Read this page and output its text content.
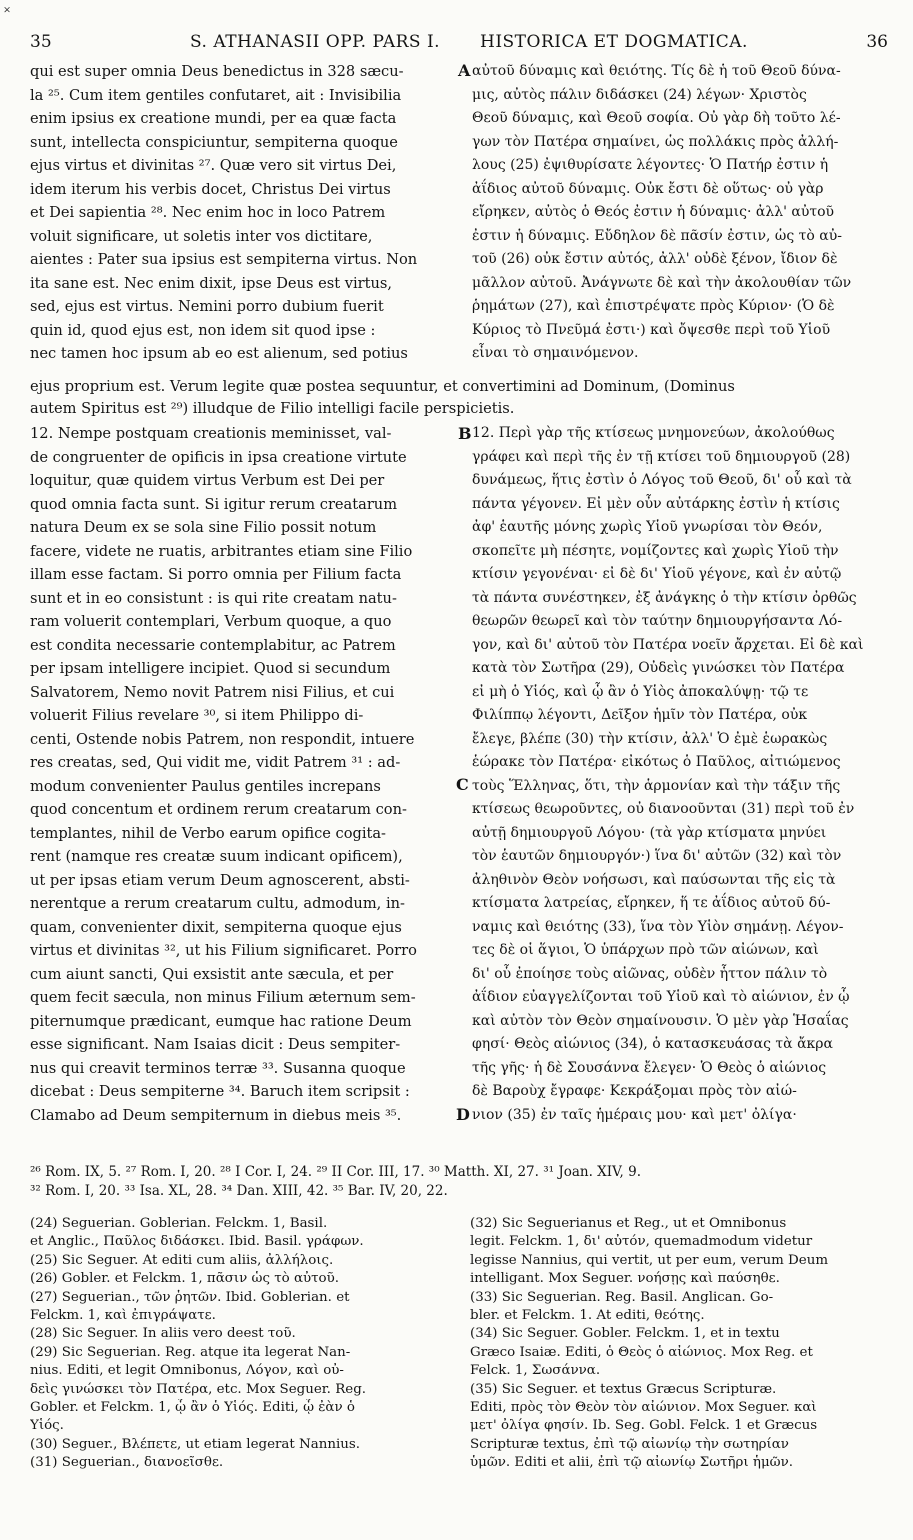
˟
35	S. ATHANASII OPP. PARS I. HISTORICA ET DOGMATICA.	36
qui est super omnia Deus benedictus in 328 sæcu-
la ²⁵. Cum item gentiles confutaret, ait : Invisibilia
enim ipsius ex creatione mundi, per ea quæ facta
sunt, intellecta conspiciuntur, sempiterna quoque
ejus virtus et divinitas ²⁷. Quæ vero sit virtus Dei,
idem iterum his verbis docet, Christus Dei virtus
et Dei sapientia ²⁸. Nec enim hoc in loco Patrem
voluit significare, ut soletis inter vos dictitare,
aientes : Pater sua ipsius est sempiterna virtus. Non
ita sane est. Nec enim dixit, ipse Deus est virtus,
sed, ejus est virtus. Nemini porro dubium fuerit
quin id, quod ejus est, non idem sit quod ipse :
nec tamen hoc ipsum ab eo est alienum, sed potius
αὐτοῦ δύναμις καὶ θειότης. Τίς δὲ ἡ τοῦ Θεοῦ δύνα-
μις, αὐτὸς πάλιν διδάσκει (24) λέγων· Χριστὸς
Θεοῦ δύναμις, καὶ Θεοῦ σοφία. Οὐ γὰρ δὴ τοῦτο λέ-
γων τὸν Πατέρα σημαίνει, ὡς πολλάκις πρὸς ἀλλή-
λους (25) ἐψιθυρίσατε λέγοντες· Ὁ Πατήρ ἐστιν ἡ
ἀΐδιος αὐτοῦ δύναμις. Οὐκ ἔστι δὲ οὕτως· οὐ γὰρ
εἴρηκεν, αὐτὸς ὁ Θεός ἐστιν ἡ δύναμις· ἀλλ' αὐτοῦ
ἐστιν ἡ δύναμις. Εὔδηλον δὲ πᾶσίν ἐστιν, ὡς τὸ αὐ-
τοῦ (26) οὐκ ἔστιν αὐτός, ἀλλ' οὐδὲ ξένον, ἴδιον δὲ
μᾶλλον αὐτοῦ. Ἀνάγνωτε δὲ καὶ τὴν ἀκολουθίαν τῶν
ῥημάτων (27), καὶ ἐπιστρέψατε πρὸς Κύριον· (Ὁ δὲ
Κύριος τὸ Πνεῦμά ἐστι·) καὶ ὄψεσθε περὶ τοῦ Υἱοῦ
εἶναι τὸ σημαινόμενον.
A
ejus proprium est. Verum legite quæ postea sequuntur, et convertimini ad Dominum, (Dominus
autem Spiritus est ²⁹) illudque de Filio intelligi facile perspicietis.
12. Nempe postquam creationis meminisset, val-
de congruenter de opificis in ipsa creatione virtute
loquitur, quæ quidem virtus Verbum est Dei per
quod omnia facta sunt. Si igitur rerum creatarum
natura Deum ex se sola sine Filio possit notum
facere, videte ne ruatis, arbitrantes etiam sine Filio
illam esse factam. Si porro omnia per Filium facta
sunt et in eo consistunt : is qui rite creatam natu-
ram voluerit contemplari, Verbum quoque, a quo
est condita necessarie contemplabitur, ac Patrem
per ipsam intelligere incipiet. Quod si secundum
Salvatorem, Nemo novit Patrem nisi Filius, et cui
voluerit Filius revelare ³⁰, si item Philippo di-
centi, Ostende nobis Patrem, non respondit, intuere
res creatas, sed, Qui vidit me, vidit Patrem ³¹ : ad-
modum convenienter Paulus gentiles increpans
quod concentum et ordinem rerum creatarum con-
templantes, nihil de Verbo earum opifice cogita-
rent (namque res creatæ suum indicant opificem),
ut per ipsas etiam verum Deum agnoscerent, absti-
nerentque a rerum creatarum cultu, admodum, in-
quam, convenienter dixit, sempiterna quoque ejus
virtus et divinitas ³², ut his Filium significaret. Porro
cum aiunt sancti, Qui exsistit ante sæcula, et per
quem fecit sæcula, non minus Filium æternum sem-
piternumque prædicant, eumque hac ratione Deum
esse significant. Nam Isaias dicit : Deus sempiter-
nus qui creavit terminos terræ ³³. Susanna quoque
dicebat : Deus sempiterne ³⁴. Baruch item scripsit :
Clamabo ad Deum sempiternum in diebus meis ³⁵.
12. Περὶ γὰρ τῆς κτίσεως μνημονεύων, ἀκολούθως
γράφει καὶ περὶ τῆς ἐν τῇ κτίσει τοῦ δημιουργοῦ (28)
δυνάμεως, ἥτις ἐστὶν ὁ Λόγος τοῦ Θεοῦ, δι' οὗ καὶ τὰ
πάντα γέγονεν. Εἰ μὲν οὖν αὐτάρκης ἐστὶν ἡ κτίσις
ἀφ' ἑαυτῆς μόνης χωρὶς Υἱοῦ γνωρίσαι τὸν Θεόν,
σκοπεῖτε μὴ πέσητε, νομίζοντες καὶ χωρὶς Υἱοῦ τὴν
κτίσιν γεγονέναι· εἰ δὲ δι' Υἱοῦ γέγονε, καὶ ἐν αὐτῷ
τὰ πάντα συνέστηκεν, ἐξ ἀνάγκης ὁ τὴν κτίσιν ὀρθῶς
θεωρῶν θεωρεῖ καὶ τὸν ταύτην δημιουργήσαντα Λό-
γον, καὶ δι' αὐτοῦ τὸν Πατέρα νοεῖν ἄρχεται. Εἰ δὲ καὶ
κατὰ τὸν Σωτῆρα (29), Οὐδεὶς γινώσκει τὸν Πατέρα
εἰ μὴ ὁ Υἱός, καὶ ᾧ ἂν ὁ Υἱὸς ἀποκαλύψῃ· τῷ τε
Φιλίππῳ λέγοντι, Δεῖξον ἡμῖν τὸν Πατέρα, οὐκ
ἔλεγε, βλέπε (30) τὴν κτίσιν, ἀλλ' Ὁ ἐμὲ ἑωρακὼς
ἑώρακε τὸν Πατέρα· εἰκότως ὁ Παῦλος, αἰτιώμενος
τοὺς Ἕλληνας, ὅτι, τὴν ἁρμονίαν καὶ τὴν τάξιν τῆς
κτίσεως θεωροῦντες, οὐ διανοοῦνται (31) περὶ τοῦ ἐν
αὐτῇ δημιουργοῦ Λόγου· (τὰ γὰρ κτίσματα μηνύει
τὸν ἑαυτῶν δημιουργόν·) ἵνα δι' αὐτῶν (32) καὶ τὸν
ἀληθινὸν Θεὸν νοήσωσι, καὶ παύσωνται τῆς εἰς τὰ
κτίσματα λατρείας, εἴρηκεν, ἥ τε ἀΐδιος αὐτοῦ δύ-
ναμις καὶ θειότης (33), ἵνα τὸν Υἱὸν σημάνῃ. Λέγον-
τες δὲ οἱ ἅγιοι, Ὁ ὑπάρχων πρὸ τῶν αἰώνων, καὶ
δι' οὗ ἐποίησε τοὺς αἰῶνας, οὐδὲν ἧττον πάλιν τὸ
ἀΐδιον εὐαγγελίζονται τοῦ Υἱοῦ καὶ τὸ αἰώνιον, ἐν ᾧ
καὶ αὐτὸν τὸν Θεὸν σημαίνουσιν. Ὁ μὲν γὰρ Ἡσαΐας
φησί· Θεὸς αἰώνιος (34), ὁ κατασκευάσας τὰ ἄκρα
τῆς γῆς· ἡ δὲ Σουσάννα ἔλεγεν· Ὁ Θεὸς ὁ αἰώνιος
δὲ Βαροὺχ ἔγραφε· Κεκράξομαι πρὸς τὸν αἰώ-
νιον (35) ἐν ταῖς ἡμέραις μου· καὶ μετ' ὀλίγα·
B
C
D
²⁶ Rom. IX, 5. ²⁷ Rom. I, 20. ²⁸ I Cor. I, 24. ²⁹ II Cor. III, 17. ³⁰ Matth. XI, 27. ³¹ Joan. XIV, 9.
³² Rom. I, 20. ³³ Isa. XL, 28. ³⁴ Dan. XIII, 42. ³⁵ Bar. IV, 20, 22.
(24) Seguerian. Goblerian. Felckm. 1, Basil.
et Anglic., Παῦλος διδάσκει. Ibid. Basil. γράφων.
(25) Sic Seguer. At editi cum aliis, ἀλλήλοις.
(26) Gobler. et Felckm. 1, πᾶσιν ὡς τὸ αὐτοῦ.
(27) Seguerian., τῶν ῥητῶν. Ibid. Goblerian. et
Felckm. 1, καὶ ἐπιγράψατε.
(28) Sic Seguer. In aliis vero deest τοῦ.
(29) Sic Seguerian. Reg. atque ita legerat Nan-
nius. Editi, et legit Omnibonus, Λόγον, καὶ οὐ-
δεὶς γινώσκει τὸν Πατέρα, etc. Mox Seguer. Reg.
Gobler. et Felckm. 1, ᾧ ἂν ὁ Υἱός. Editi, ᾧ ἐὰν ὁ
Υἱός.
(30) Seguer., Βλέπετε, ut etiam legerat Nannius.
(31) Seguerian., διανοεῖσθε.
(32) Sic Seguerianus et Reg., ut et Omnibonus
legit. Felckm. 1, δι' αὐτόν, quemadmodum videtur
legisse Nannius, qui vertit, ut per eum, verum Deum
intelligant. Mox Seguer. νοήσῃς καὶ παύσηθε.
(33) Sic Seguerian. Reg. Basil. Anglican. Go-
bler. et Felckm. 1. At editi, θεότης.
(34) Sic Seguer. Gobler. Felckm. 1, et in textu
Græco Isaiæ. Editi, ὁ Θεὸς ὁ αἰώνιος. Mox Reg. et
Felck. 1, Σωσάννα.
(35) Sic Seguer. et textus Græcus Scripturæ.
Editi, πρὸς τὸν Θεὸν τὸν αἰώνιον. Mox Seguer. καὶ
μετ' ὀλίγα φησίν. Ib. Seg. Gobl. Felck. 1 et Græcus
Scripturæ textus, ἐπὶ τῷ αἰωνίῳ τὴν σωτηρίαν
ὑμῶν. Editi et alii, ἐπὶ τῷ αἰωνίῳ Σωτῆρι ἡμῶν.
